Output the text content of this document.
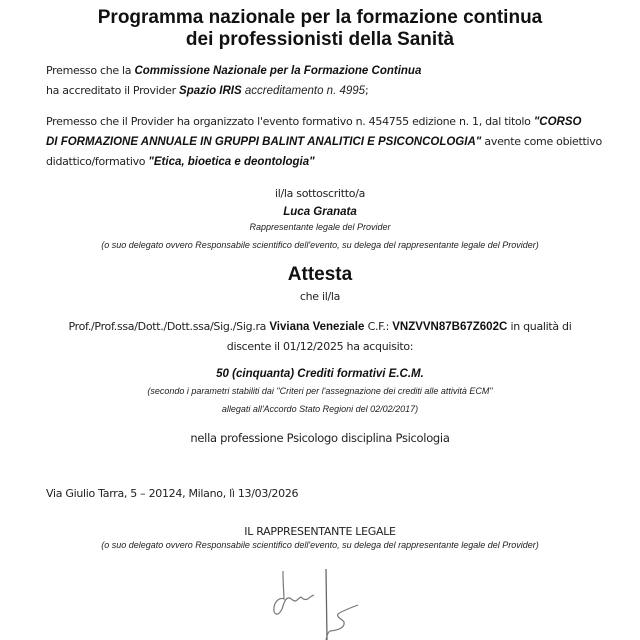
Programma nazionale per la formazione continua
dei professionisti della Sanità
Premesso che la Commissione Nazionale per la Formazione Continua
ha accreditato il Provider Spazio IRIS accreditamento n. 4995;
Premesso che il Provider ha organizzato l'evento formativo n. 454755 edizione n. 1, dal titolo "CORSO
DI FORMAZIONE ANNUALE IN GRUPPI BALINT ANALITICI E PSICONCOLOGIA" avente come obiettivo
didattico/formativo "Etica, bioetica e deontologia"
il/la sottoscritto/a
Luca Granata
Rappresentante legale del Provider
(o suo delegato ovvero Responsabile scientifico dell'evento, su delega del rappresentante legale del Provider)
Attesta
che il/la
Prof./Prof.ssa/Dott./Dott.ssa/Sig./Sig.ra Viviana Veneziale C.F.: VNZVVN87B67Z602C in qualità di
discente il 01/12/2025 ha acquisito:
50 (cinquanta) Crediti formativi E.C.M.
(secondo i parametri stabiliti dai "Criteri per l'assegnazione dei crediti alle attività ECM"
allegati all'Accordo Stato Regioni del 02/02/2017)
nella professione Psicologo disciplina Psicologia
Via Giulio Tarra, 5 – 20124, Milano, lì 13/03/2026
IL RAPPRESENTANTE LEGALE
(o suo delegato ovvero Responsabile scientifico dell'evento, su delega del rappresentante legale del Provider)
